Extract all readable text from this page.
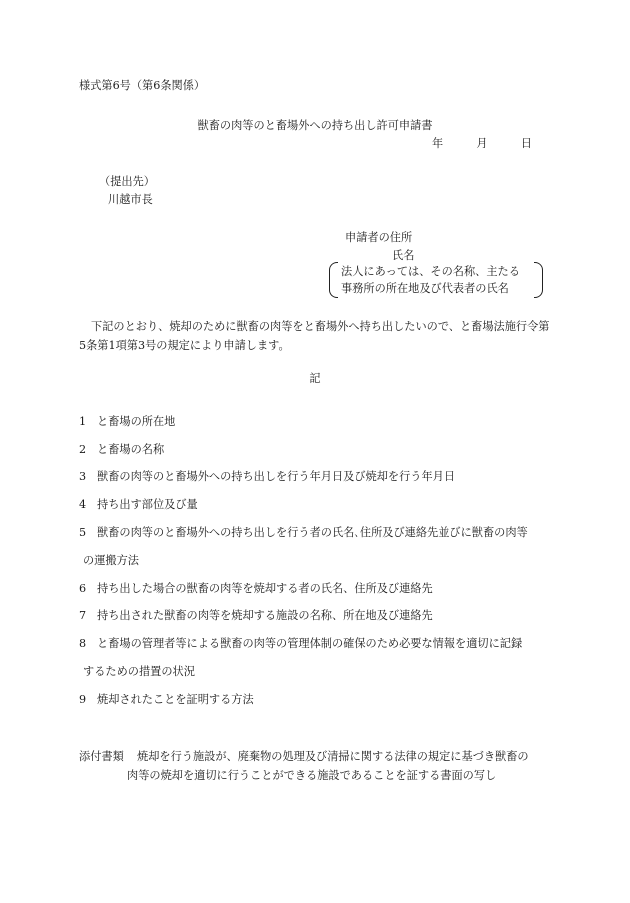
様式第6号（第6条関係）
獣畜の肉等のと畜場外への持ち出し許可申請書
年	月	日
（提出先）
川越市長
申請者の住所
氏名
法人にあっては、その名称、主たる
事務所の所在地及び代表者の氏名
下記のとおり、焼却のために獣畜の肉等をと畜場外へ持ち出したいので、と畜場法施行令第5条第1項第3号の規定により申請します。
記
1 と畜場の所在地
2 と畜場の名称
3 獣畜の肉等のと畜場外への持ち出しを行う年月日及び焼却を行う年月日
4 持ち出す部位及び量
5 獣畜の肉等のと畜場外への持ち出しを行う者の氏名､住所及び連絡先並びに獣畜の肉等
の運搬方法
6 持ち出した場合の獣畜の肉等を焼却する者の氏名、住所及び連絡先
7 持ち出された獣畜の肉等を焼却する施設の名称、所在地及び連絡先
8 と畜場の管理者等による獣畜の肉等の管理体制の確保のため必要な情報を適切に記録
するための措置の状況
9 焼却されたことを証明する方法
添付書類 焼却を行う施設が、廃棄物の処理及び清掃に関する法律の規定に基づき獣畜の
肉等の焼却を適切に行うことができる施設であることを証する書面の写し
